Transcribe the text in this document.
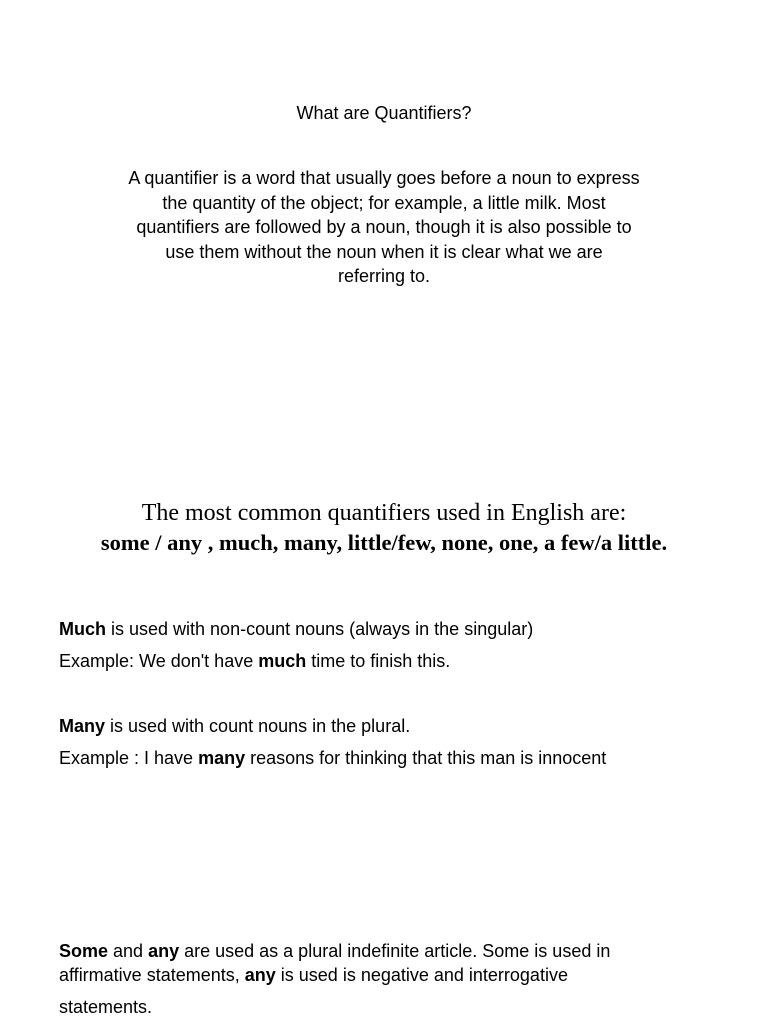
What are Quantifiers?
A quantifier is a word that usually goes before a noun to express
the quantity of the object; for example, a little milk. Most
quantifiers are followed by a noun, though it is also possible to
use them without the noun when it is clear what we are
referring to.
The most common quantifiers used in English are:
some / any , much, many, little/few, none, one, a few/a little.
Much is used with non-count nouns (always in the singular)
Example: We don't have much time to finish this.
Many is used with count nouns in the plural.
Example : I have many reasons for thinking that this man is innocent
Some and any are used as a plural indefinite article. Some is used in
affirmative statements, any is used is negative and interrogative
statements.
